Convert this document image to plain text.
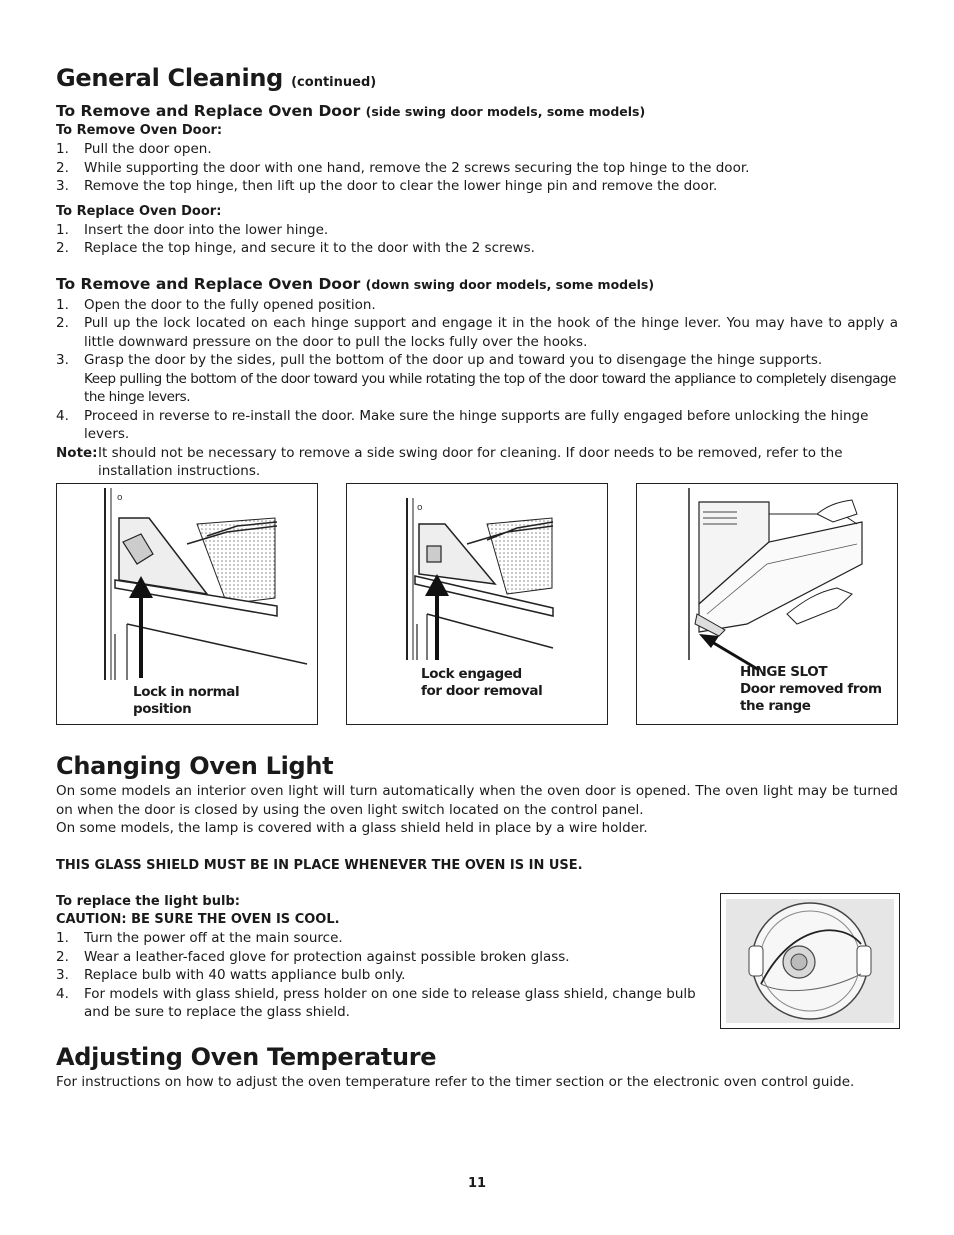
General Cleaning (continued)
To Remove and Replace Oven Door (side swing door models, some models)

To Remove Oven Door:

1. Pull the door open.
2. While supporting the door with one hand, remove the 2 screws securing the top hinge to the door.
3. Remove the top hinge, then lift up the door to clear the lower hinge pin and remove the door.

To Replace Oven Door:

1. Insert the door into the lower hinge.
2. Replace the top hinge, and secure it to the door with the 2 screws.
To Remove and Replace Oven Door (down swing door models, some models)
1. Open the door to the fully opened position.
2. Pull up the lock located on each hinge support and engage it in the hook of the hinge lever. You may have to apply a little downward pressure on the door to pull the locks fully over the hooks.
3. Grasp the door by the sides, pull the bottom of the door up and toward you to disengage the hinge supports.
Keep pulling the bottom of the door toward you while rotating the top of the door toward the appliance to completely disengage the hinge levers.
4. Proceed in reverse to re-install the door. Make sure the hinge supports are fully engaged before unlocking the hinge levers.
Note: It should not be necessary to remove a side swing door for cleaning. If door needs to be removed, refer to the installation instructions.
o
Lock in normal
position
o
Lock engaged
for door removal
HINGE SLOT
Door removed from
the range
Changing Oven Light

On some models an interior oven light will turn automatically when the oven door is opened. The oven light may be turned on when the door is closed by using the oven light switch located on the control panel.

On some models, the lamp is covered with a glass shield held in place by a wire holder.

THIS GLASS SHIELD MUST BE IN PLACE WHENEVER THE OVEN IS IN USE.

To replace the light bulb:

CAUTION: BE SURE THE OVEN IS COOL.

1. Turn the power off at the main source.
2. Wear a leather-faced glove for protection against possible broken glass.
3. Replace bulb with 40 watts appliance bulb only.
4. For models with glass shield, press holder on one side to release glass shield, change bulb and be sure to replace the glass shield.
Adjusting Oven Temperature

For instructions on how to adjust the oven temperature refer to the timer section or the electronic oven control guide.

11
